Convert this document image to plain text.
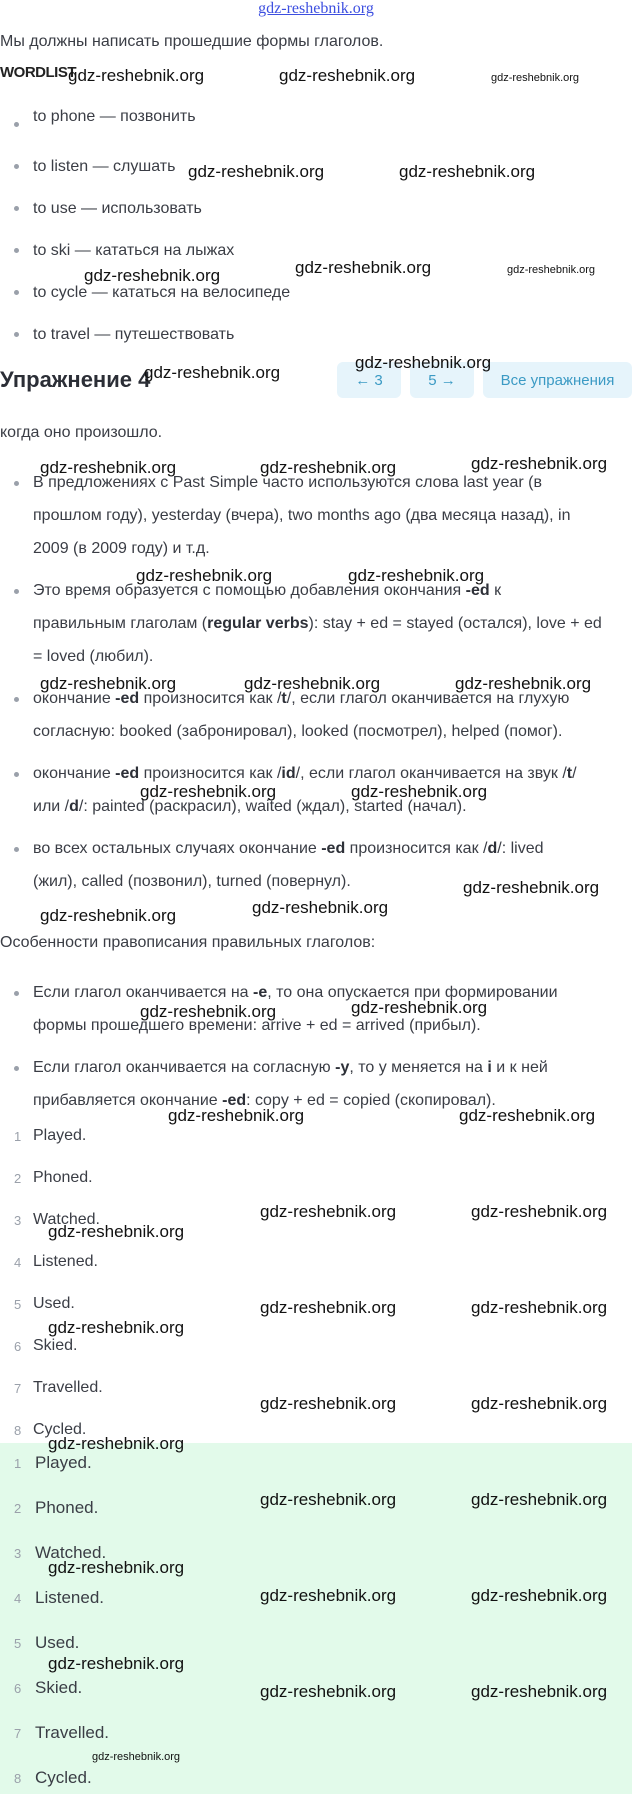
gdz-reshebnik.org
Мы должны написать прошедшие формы глаголов.
WORDLIST
to phone — позвонить
to listen — слушать
to use — использовать
to ski — кататься на лыжах
to cycle — кататься на велосипеде
to travel — путешествовать
Упражнение 4	← 3	5 →	Все упражнения
когда оно произошло.
В предложениях с Past Simple часто используются слова last year (в
прошлом году), yesterday (вчера), two months ago (два месяца назад), in
2009 (в 2009 году) и т.д.
Это время образуется с помощью добавления окончания -ed к
правильным глаголам (regular verbs): stay + ed = stayed (остался), love + ed
= loved (любил).
окончание -ed произносится как /t/, если глагол оканчивается на глухую
согласную: booked (забронировал), looked (посмотрел), helped (помог).
окончание -ed произносится как /id/, если глагол оканчивается на звук /t/
или /d/: painted (раскрасил), waited (ждал), started (начал).
во всех остальных случаях окончание -ed произносится как /d/: lived
(жил), called (позвонил), turned (повернул).
Особенности правописания правильных глаголов:
Если глагол оканчивается на -e, то она опускается при формировании
формы прошедшего времени: arrive + ed = arrived (прибыл).
Если глагол оканчивается на согласную -y, то у меняется на i и к ней
прибавляется окончание -ed: copy + ed = copied (скопировал).
1 Played.
2 Phoned.
3 Watched.
4 Listened.
5 Used.
6 Skied.
7 Travelled.
8 Cycled.
1 Played.
2 Phoned.
3 Watched.
4 Listened.
5 Used.
6 Skied.
7 Travelled.
8 Cycled.
gdz-reshebnik.org	gdz-reshebnik.org	gdz-reshebnik.org
gdz-reshebnik.org	gdz-reshebnik.org
gdz-reshebnik.org	gdz-reshebnik.org	gdz-reshebnik.org
gdz-reshebnik.org
gdz-reshebnik.org
gdz-reshebnik.org	gdz-reshebnik.org	gdz-reshebnik.org
gdz-reshebnik.org	gdz-reshebnik.org
gdz-reshebnik.org	gdz-reshebnik.org	gdz-reshebnik.org
gdz-reshebnik.org	gdz-reshebnik.org
gdz-reshebnik.org
gdz-reshebnik.org	gdz-reshebnik.org
gdz-reshebnik.org	gdz-reshebnik.org
gdz-reshebnik.org	gdz-reshebnik.org
gdz-reshebnik.org	gdz-reshebnik.org
gdz-reshebnik.org
gdz-reshebnik.org	gdz-reshebnik.org
gdz-reshebnik.org
gdz-reshebnik.org	gdz-reshebnik.org
gdz-reshebnik.org
gdz-reshebnik.org	gdz-reshebnik.org
gdz-reshebnik.org
gdz-reshebnik.org	gdz-reshebnik.org
gdz-reshebnik.org
gdz-reshebnik.org	gdz-reshebnik.org
gdz-reshebnik.org
